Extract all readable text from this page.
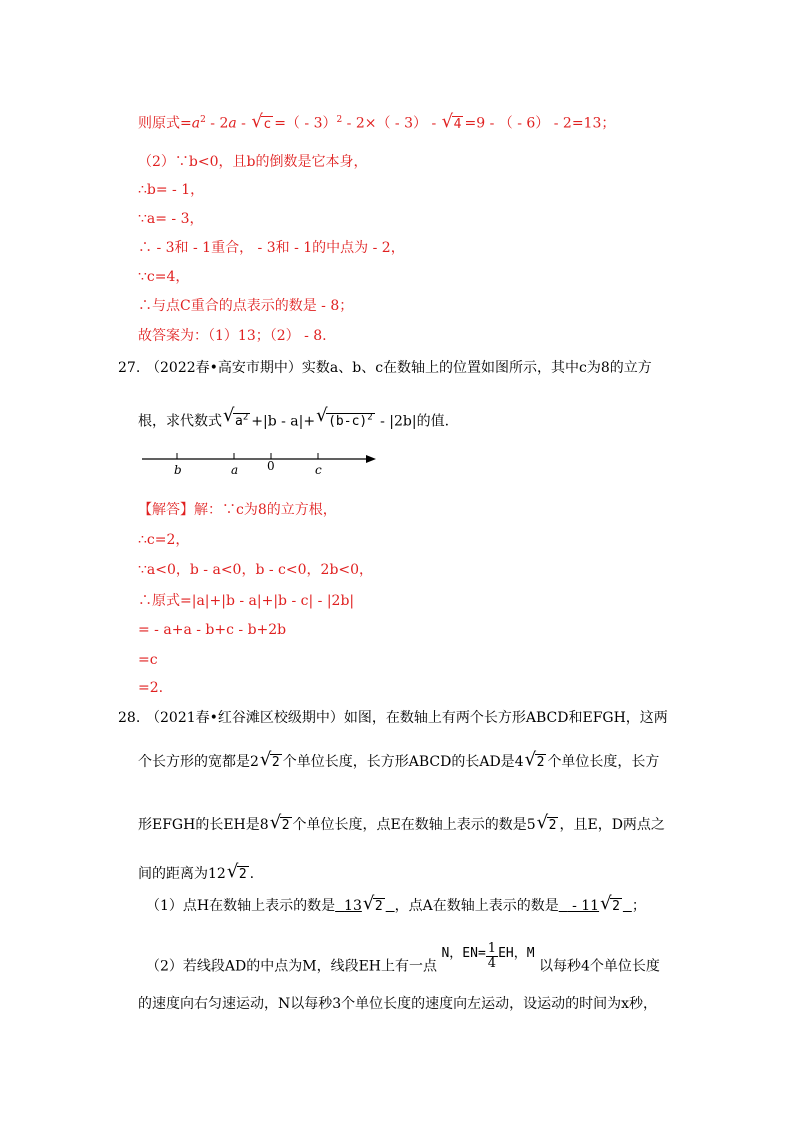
则原式$=a^2 - 2a$ - √ c =（ - 3）$^2$ - 2×（ - 3） - √ 4 =9 - （ - 6） - 2=13；
（2）∵b<0，且b的倒数是它本身，
∴b= - 1，
∵a= - 3，
∴ - 3和 - 1重合， - 3和 - 1的中点为 - 2，
∵c=4，
∴与点C重合的点表示的数是 - 8；
故答案为：（1）13；（2） - 8.
27. （2022春•高安市期中）实数a、b、c在数轴上的位置如图所示，其中c为8的立方
根，求代数式 √ $a^2 +|b - a|+$ √ $(b-c)^2 - |2b|$的值.
b	a 0	c
【解答】解：∵c为8的立方根，
∴c=2，
∵a<0，b - a<0，b - c<0，2b<0，
∴原式=|a|+|b - a|+|b - c| - |2b|
= - a+a - b+c - b+2b
=c
=2.
28. （2021春•红谷滩区校级期中）如图，在数轴上有两个长方形ABCD和EFGH，这两
个长方形的宽都是2 √ 2 个单位长度，长方形ABCD的长AD是4 √ 2 个单位长度，长方
形EFGH的长EH是8 √ 2 个单位长度，点E在数轴上表示的数是5 √ 2 ，且E，D两点之
间的距离为12 √ 2 .
（1）点H在数轴上表示的数是 13 √ 2 ，点A在数轴上表示的数是   - 11 √ 2 ；
（2）若线段AD的中点为M，线段EH上有一点 N，$EN= \frac{1}{4}$ EH，M 以每秒4个单位长度
的速度向右匀速运动，N以每秒3个单位长度的速度向左运动，设运动的时间为x秒，
